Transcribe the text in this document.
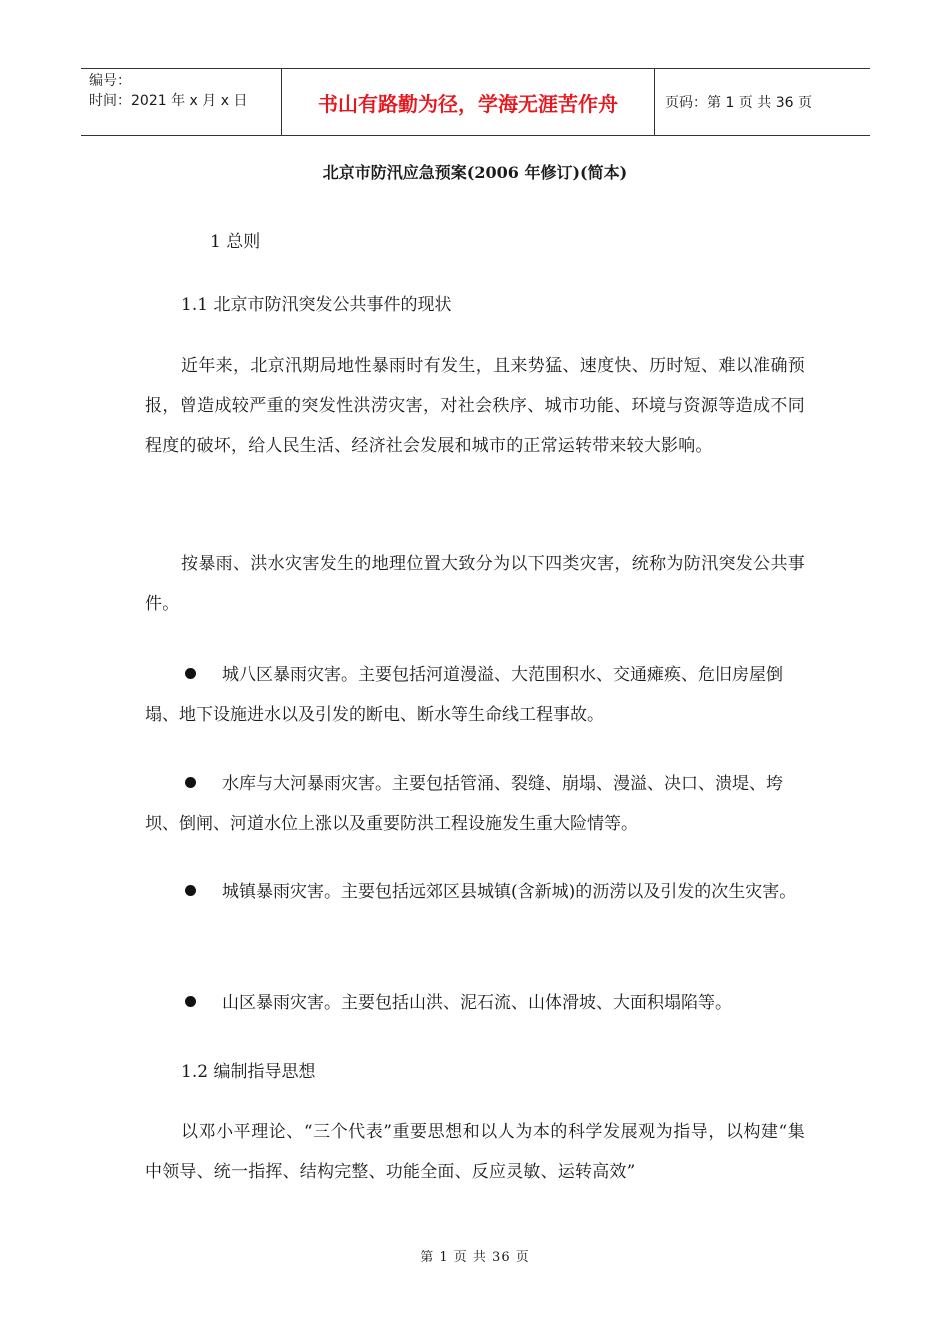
编号：
时间：2021 年 x 月 x 日	书山有路勤为径，学海无涯苦作舟	页码：第 1 页 共 36 页
北京市防汛应急预案(2006 年修订)(简本)
1 总则
1.1 北京市防汛突发公共事件的现状
近年来，北京汛期局地性暴雨时有发生，且来势猛、速度快、历时短、难以准确预报，曾造成较严重的突发性洪涝灾害，对社会秩序、城市功能、环境与资源等造成不同程度的破坏，给人民生活、经济社会发展和城市的正常运转带来较大影响。
按暴雨、洪水灾害发生的地理位置大致分为以下四类灾害，统称为防汛突发公共事件。
城八区暴雨灾害。主要包括河道漫溢、大范围积水、交通瘫痪、危旧房屋倒塌、地下设施进水以及引发的断电、断水等生命线工程事故。
水库与大河暴雨灾害。主要包括管涌、裂缝、崩塌、漫溢、决口、溃堤、垮坝、倒闸、河道水位上涨以及重要防洪工程设施发生重大险情等。
城镇暴雨灾害。主要包括远郊区县城镇(含新城)的沥涝以及引发的次生灾害。
山区暴雨灾害。主要包括山洪、泥石流、山体滑坡、大面积塌陷等。
1.2 编制指导思想
以邓小平理论、“三个代表”重要思想和以人为本的科学发展观为指导，以构建“集中领导、统一指挥、结构完整、功能全面、反应灵敏、运转高效”
第 1 页 共 36 页
